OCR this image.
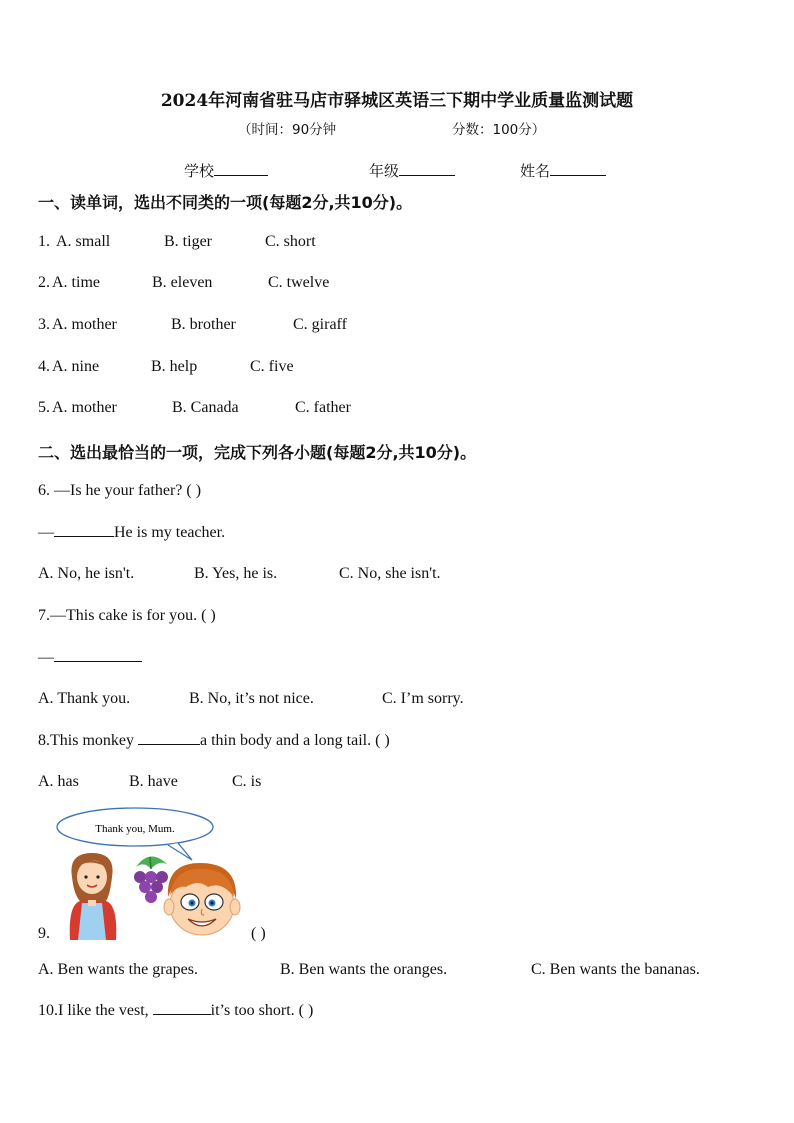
2024年河南省驻马店市驿城区英语三下期中学业质量监测试题
（时间：90分钟	分数：100分）
学校	年级	姓名
一、读单词，选出不同类的一项(每题2分,共10分)。
1. A. small	B. tiger	C. short
2. A. time	B. eleven	C. twelve
3. A. mother	B. brother	C. giraff
4. A. nine	B. help	C. five
5. A. mother	B. Canada	C. father
二、选出最恰当的一项，完成下列各小题(每题2分,共10分)。
6. —Is he your father? ( )
—	He is my teacher.
A. No, he isn't.	B. Yes, he is.	C. No, she isn't.
7.—This cake is for you. ( )
—
A. Thank you.	B. No, it’s not nice.	C. I’m sorry.
8.This monkey	a thin body and a long tail. ( )
A. has	B. have	C. is
9.
Thank you, Mum.
( )
A. Ben wants the grapes.	B. Ben wants the oranges.	C. Ben wants the bananas.
10.I like the vest,	it’s too short. ( )
